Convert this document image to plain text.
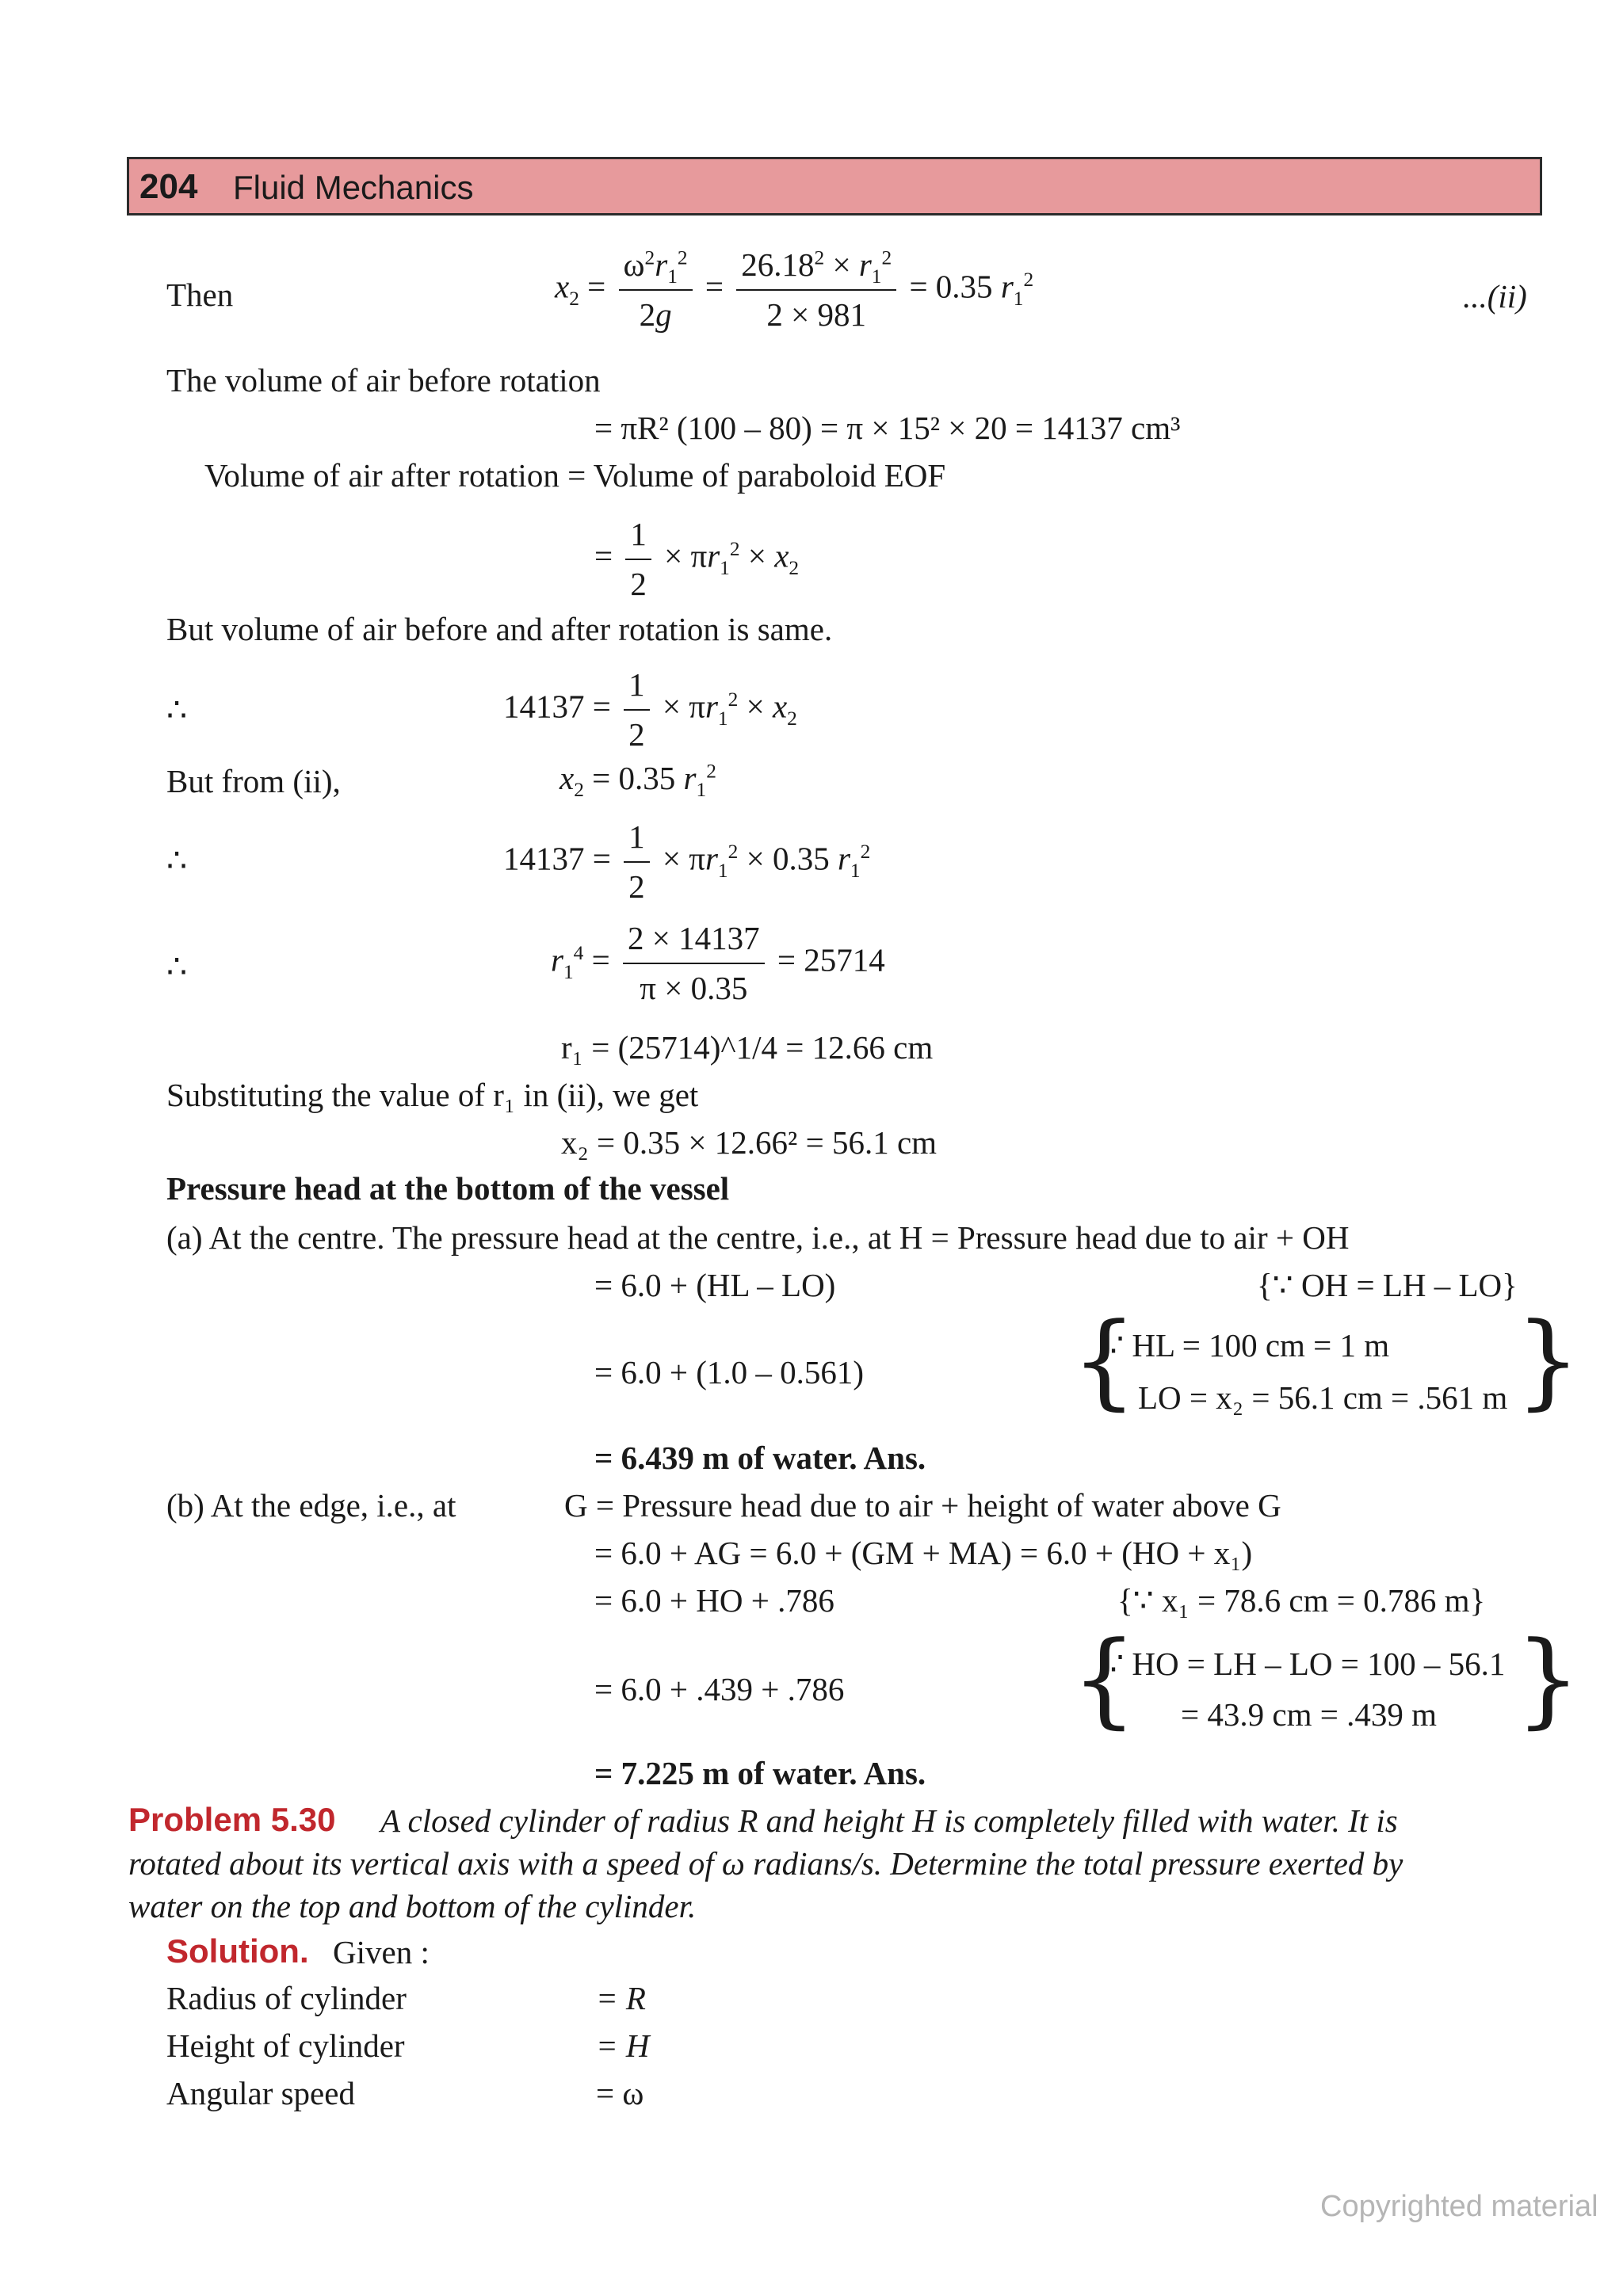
204 Fluid Mechanics
Then	$x_2 = \frac{\omega^2r_1^2}{2g} = \frac{26.18^2 \times r_1^2}{2 \times 981} = 0.35$ $r_1^2$	...(ii)
The volume of air before rotation
= πR² (100 – 80) = π × 15² × 20 = 14137 cm³
Volume of air after rotation = Volume of paraboloid EOF
= $\frac{1}{2} \times \pi r_1^2 \times x_2$
But volume of air before and after rotation is same.
∴	$14137 = \frac{1}{2} \times \pi r_1^2 \times x_2$
But from (ii),	$x_2 = 0.35$ $r_1^2$
∴	$14137 = \frac{1}{2} \times \pi r_1^2 \times 0.35$ $r_1^2$
∴	$r_1^4 = \frac{2 \times 14137}{\pi \times 0.35} = 25714$
r₁ = (25714)^1/4 = 12.66 cm
Substituting the value of r₁ in (ii), we get
x₂ = 0.35 × 12.66² = 56.1 cm
Pressure head at the bottom of the vessel
(a) At the centre. The pressure head at the centre, i.e., at H = Pressure head due to air + OH
= 6.0 + (HL – LO)	{∵ OH = LH – LO}
= 6.0 + (1.0 – 0.561) {
∵ HL = 100 cm = 1 m
LO = x₂ = 56.1 cm = .561 m }
= 6.439 m of water. Ans.
(b) At the edge, i.e., at	G = Pressure head due to air + height of water above G
= 6.0 + AG = 6.0 + (GM + MA) = 6.0 + (HO + x₁)
= 6.0 + HO + .786	{∵ x₁ = 78.6 cm = 0.786 m}
= 6.0 + .439 + .786 {
∵ HO = LH – LO = 100 – 56.1
= 43.9 cm = .439 m }
= 7.225 m of water. Ans.
Problem 5.30 A closed cylinder of radius R and height H is completely filled with water. It is
rotated about its vertical axis with a speed of ω radians/s. Determine the total pressure exerted by
water on the top and bottom of the cylinder.
Solution. Given :
Radius of cylinder	= R
Height of cylinder	= H
Angular speed	= ω
Copyrighted material
